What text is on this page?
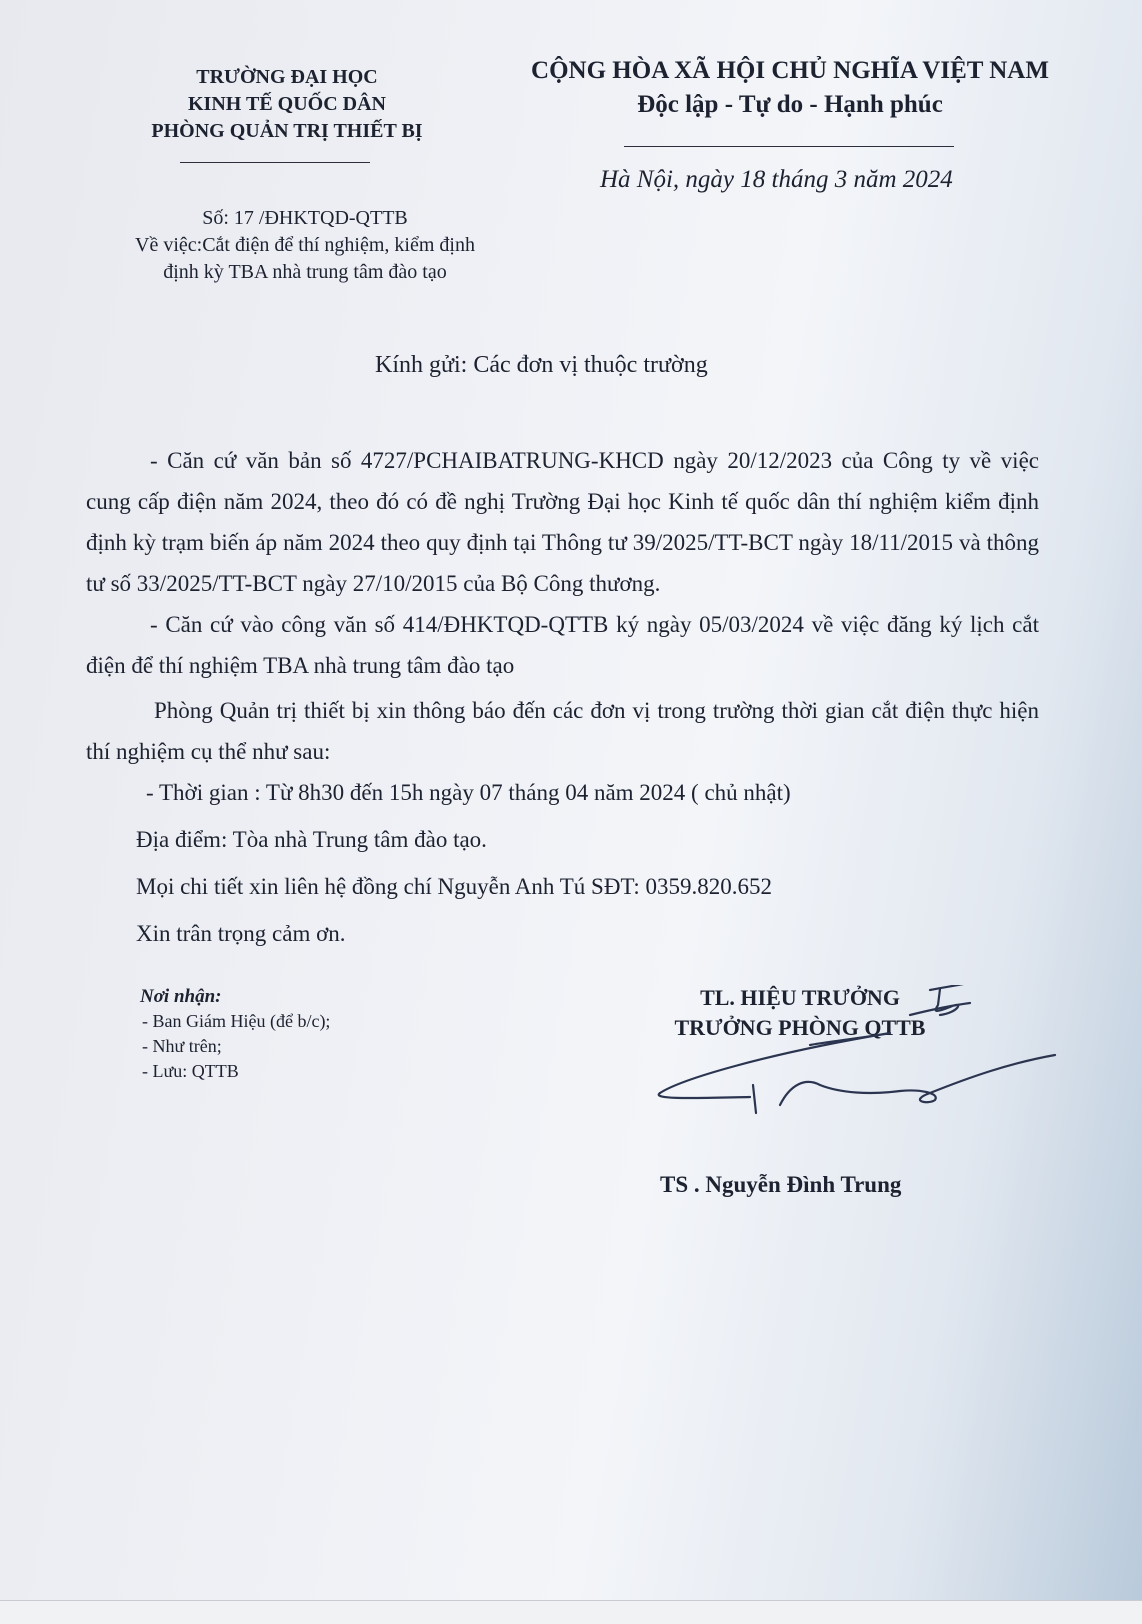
TRƯỜNG ĐẠI HỌC
KINH TẾ QUỐC DÂN
PHÒNG QUẢN TRỊ THIẾT BỊ
CỘNG HÒA XÃ HỘI CHỦ NGHĨA VIỆT NAM
Độc lập - Tự do - Hạnh phúc
Hà Nội, ngày 18 tháng 3 năm 2024
Số: 17 /ĐHKTQD-QTTB
Về việc:Cắt điện để thí nghiệm, kiểm định
định kỳ TBA nhà trung tâm đào tạo
Kính gửi: Các đơn vị thuộc trường

- Căn cứ văn bản số 4727/PCHAIBATRUNG-KHCD ngày 20/12/2023 của Công ty về việc cung cấp điện năm 2024, theo đó có đề nghị Trường Đại học Kinh tế quốc dân thí nghiệm kiểm định định kỳ trạm biến áp năm 2024 theo quy định tại Thông tư 39/2025/TT-BCT ngày 18/11/2015 và thông tư số 33/2025/TT-BCT ngày 27/10/2015 của Bộ Công thương.

- Căn cứ vào công văn số 414/ĐHKTQD-QTTB ký ngày 05/03/2024 về việc đăng ký lịch cắt điện để thí nghiệm TBA nhà trung tâm đào tạo

Phòng Quản trị thiết bị xin thông báo đến các đơn vị trong trường thời gian cắt điện thực hiện thí nghiệm cụ thể như sau:

- Thời gian : Từ 8h30 đến 15h ngày 07 tháng 04 năm 2024 ( chủ nhật)

Địa điểm: Tòa nhà Trung tâm đào tạo.

Mọi chi tiết xin liên hệ đồng chí Nguyễn Anh Tú SĐT: 0359.820.652

Xin trân trọng cảm ơn.

Nơi nhận:
- Ban Giám Hiệu (để b/c);
- Như trên;
- Lưu: QTTB
TL. HIỆU TRƯỞNG
TRƯỞNG PHÒNG QTTB
TS . Nguyễn Đình Trung
